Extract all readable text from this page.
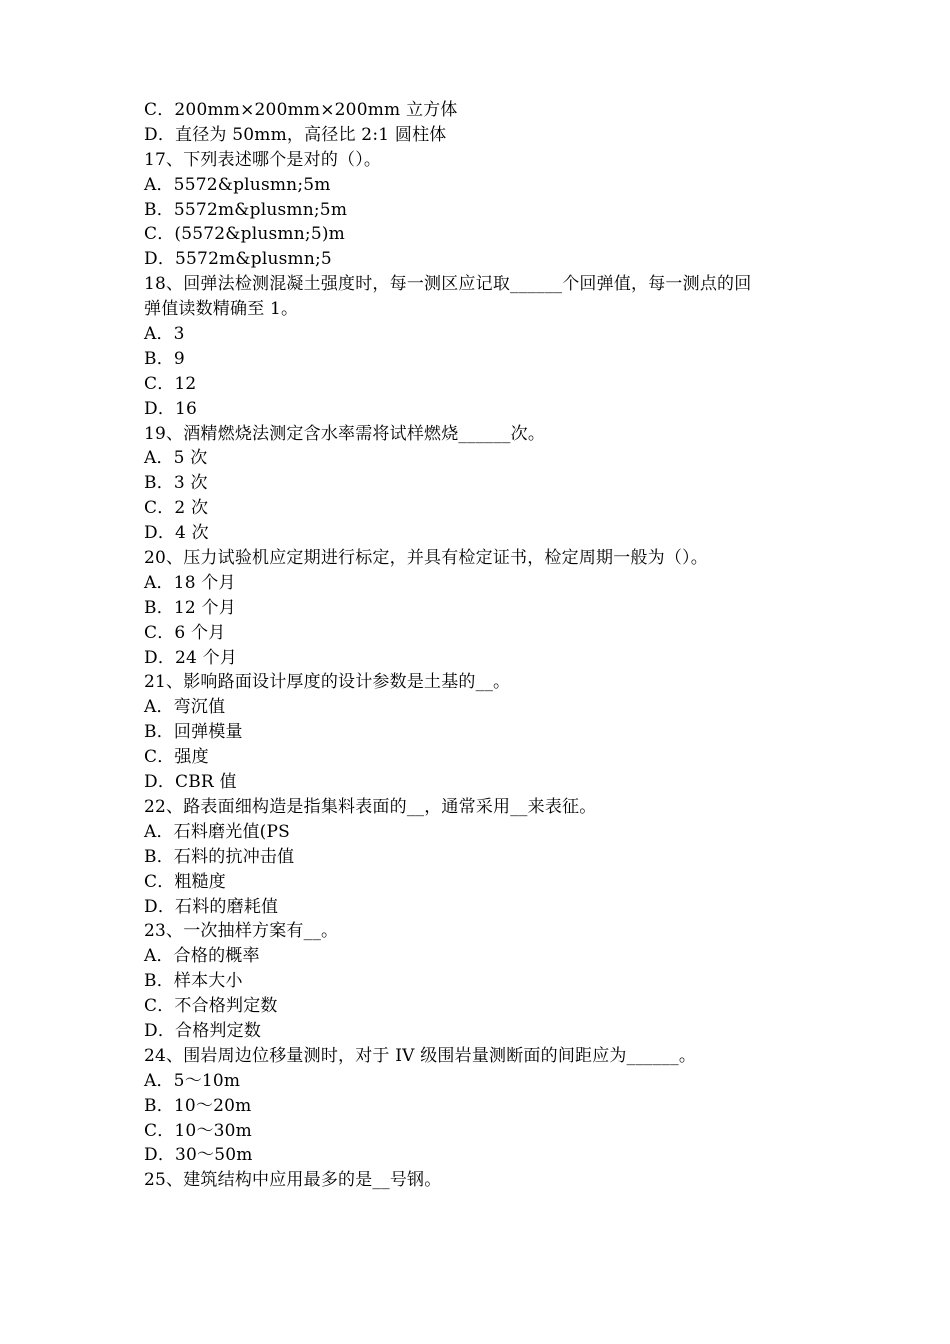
C．200mm×200mm×200mm 立方体
D．直径为 50mm，高径比 2:1 圆柱体
17、下列表述哪个是对的（）。
A．5572&plusmn;5m
B．5572m&plusmn;5m
C．(5572&plusmn;5)m
D．5572m&plusmn;5
18、回弹法检测混凝土强度时，每一测区应记取______个回弹值，每一测点的回
弹值读数精确至 1。
A．3
B．9
C．12
D．16
19、酒精燃烧法测定含水率需将试样燃烧______次。
A．5 次
B．3 次
C．2 次
D．4 次
20、压力试验机应定期进行标定，并具有检定证书，检定周期一般为（）。
A．18 个月
B．12 个月
C．6 个月
D．24 个月
21、影响路面设计厚度的设计参数是土基的__。
A．弯沉值
B．回弹模量
C．强度
D．CBR 值
22、路表面细构造是指集料表面的__，通常采用__来表征。
A．石料磨光值(PS
B．石料的抗冲击值
C．粗糙度
D．石料的磨耗值
23、一次抽样方案有__。
A．合格的概率
B．样本大小
C．不合格判定数
D．合格判定数
24、围岩周边位移量测时，对于 IV 级围岩量测断面的间距应为______。
A．5～10m
B．10～20m
C．10～30m
D．30～50m
25、建筑结构中应用最多的是__号钢。
